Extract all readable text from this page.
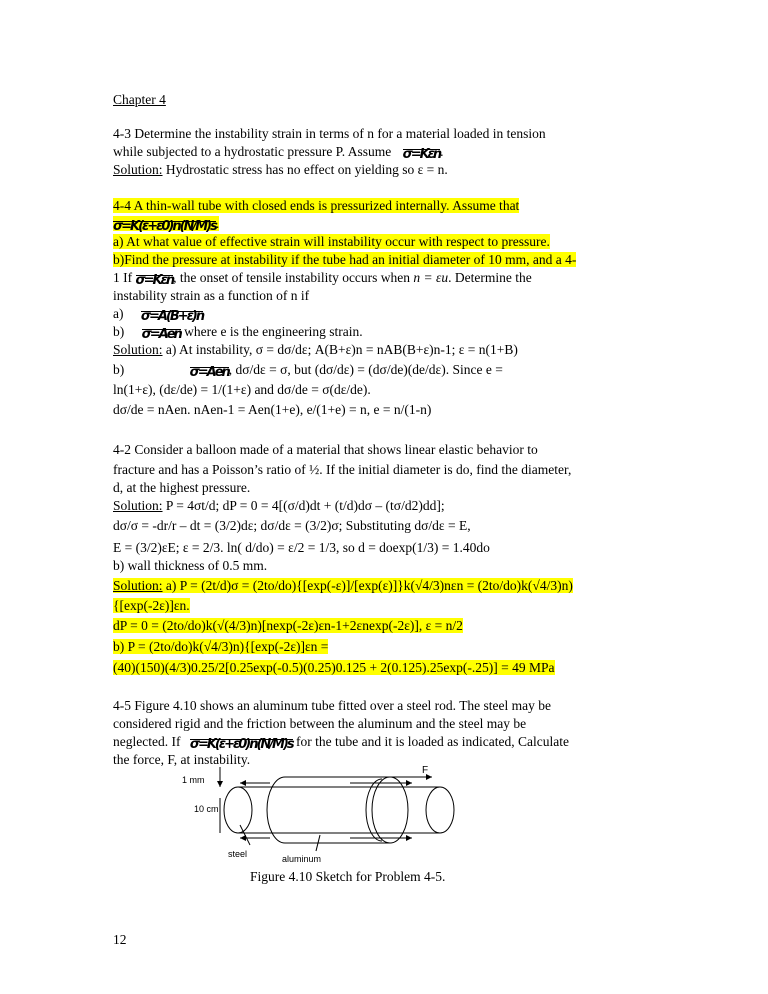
Chapter 4
4-3 Determine the instability strain in terms of n for a material loaded in tension
while subjected to a hydrostatic pressure P. Assume σ=Kεn.
Solution: Hydrostatic stress has no effect on yielding so ε = n.
4-4 A thin-wall tube with closed ends is pressurized internally. Assume that
σ=K(ε+ε0)n(N/M)s.
a) At what value of effective strain will instability occur with respect to pressure.
b)Find the pressure at instability if the tube had an initial diameter of 10 mm, and a 4-
1 If σ=Kεn, the onset of tensile instability occurs when n = εu. Determine the
instability strain as a function of n if
a) σ=A(B+ε)n
b) σ=Aen where e is the engineering strain.
Solution: a) At instability, σ = dσ/dε; A(B+ε)n = nAB(B+ε)n-1; ε = n(1+B)
b)	σ=Aen, dσ/dε = σ, but (dσ/dε) = (dσ/de)(de/dε). Since e =
ln(1+ε), (dε/de) = 1/(1+ε) and dσ/de = σ(dε/de).
dσ/de = nAen. nAen-1 = Aen(1+e), e/(1+e) = n, e = n/(1-n)
4-2 Consider a balloon made of a material that shows linear elastic behavior to
fracture and has a Poisson’s ratio of ½. If the initial diameter is do, find the diameter,
d, at the highest pressure.
Solution: P = 4σt/d; dP = 0 = 4[(σ/d)dt + (t/d)dσ – (tσ/d2)dd];
dσ/σ = -dr/r – dt = (3/2)dε; dσ/dε = (3/2)σ; Substituting dσ/dε = E,
E = (3/2)εE; ε = 2/3. ln( d/do) = ε/2 = 1/3, so d = doexp(1/3) = 1.40do
b) wall thickness of 0.5 mm.
Solution: a) P = (2t/d)σ = (2to/do){[exp(-ε)]/[exp(ε)]}k(√4/3)nεn = (2to/do)k(√4/3)n)
{[exp(-2ε)]εn.
dP = 0 = (2to/do)k(√(4/3)n)[nexp(-2ε)εn-1+2εnexp(-2ε)], ε = n/2
b) P = (2to/do)k(√4/3)n){[exp(-2ε)]εn =
(40)(150)(4/3)0.25/2[0.25exp(-0.5)(0.25)0.125 + 2(0.125).25exp(-.25)] = 49 MPa
4-5 Figure 4.10 shows an aluminum tube fitted over a steel rod. The steel may be
considered rigid and the friction between the aluminum and the steel may be
neglected. If σ=K(ε+ε0)n(N/M)s for the tube and it is loaded as indicated, Calculate
the force, F, at instability.
1 mm
10 cm
steel	aluminum
F
Figure 4.10 Sketch for Problem 4-5.
12
